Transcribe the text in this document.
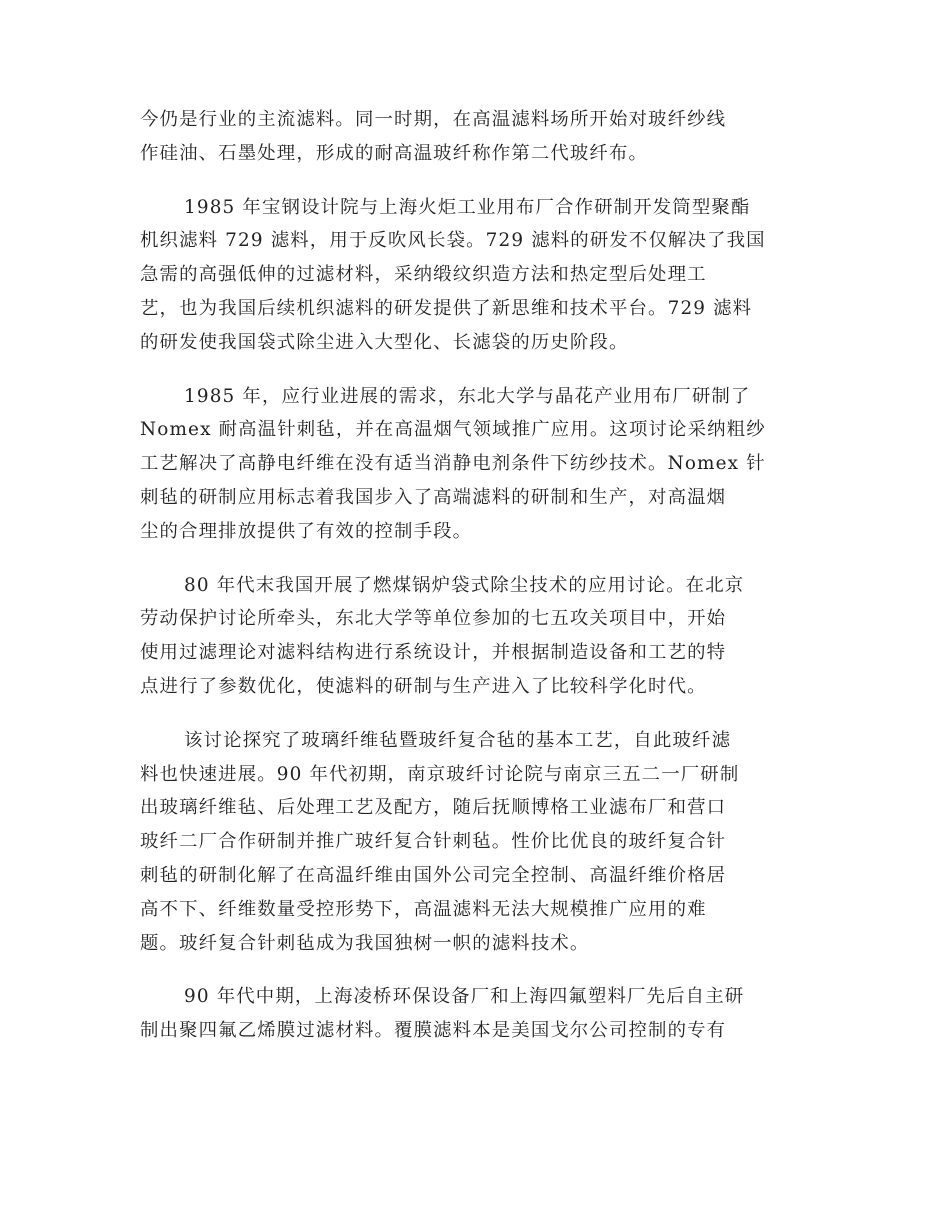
今仍是行业的主流滤料。同一时期，在高温滤料场所开始对玻纤纱线
作硅油、石墨处理，形成的耐高温玻纤称作第二代玻纤布。

1985 年宝钢设计院与上海火炬工业用布厂合作研制开发筒型聚酯
机织滤料 729 滤料，用于反吹风长袋。729 滤料的研发不仅解决了我国
急需的高强低伸的过滤材料，采纳缎纹织造方法和热定型后处理工
艺，也为我国后续机织滤料的研发提供了新思维和技术平台。729 滤料
的研发使我国袋式除尘进入大型化、长滤袋的历史阶段。

1985 年，应行业进展的需求，东北大学与晶花产业用布厂研制了
Nomex 耐高温针刺毡，并在高温烟气领域推广应用。这项讨论采纳粗纱
工艺解决了高静电纤维在没有适当消静电剂条件下纺纱技术。Nomex 针
刺毡的研制应用标志着我国步入了高端滤料的研制和生产，对高温烟
尘的合理排放提供了有效的控制手段。

80 年代末我国开展了燃煤锅炉袋式除尘技术的应用讨论。在北京
劳动保护讨论所牵头，东北大学等单位参加的七五攻关项目中，开始
使用过滤理论对滤料结构进行系统设计，并根据制造设备和工艺的特
点进行了参数优化，使滤料的研制与生产进入了比较科学化时代。

该讨论探究了玻璃纤维毡暨玻纤复合毡的基本工艺，自此玻纤滤
料也快速进展。90 年代初期，南京玻纤讨论院与南京三五二一厂研制
出玻璃纤维毡、后处理工艺及配方，随后抚顺博格工业滤布厂和营口
玻纤二厂合作研制并推广玻纤复合针刺毡。性价比优良的玻纤复合针
刺毡的研制化解了在高温纤维由国外公司完全控制、高温纤维价格居
高不下、纤维数量受控形势下，高温滤料无法大规模推广应用的难
题。玻纤复合针刺毡成为我国独树一帜的滤料技术。

90 年代中期，上海凌桥环保设备厂和上海四氟塑料厂先后自主研
制出聚四氟乙烯膜过滤材料。覆膜滤料本是美国戈尔公司控制的专有
